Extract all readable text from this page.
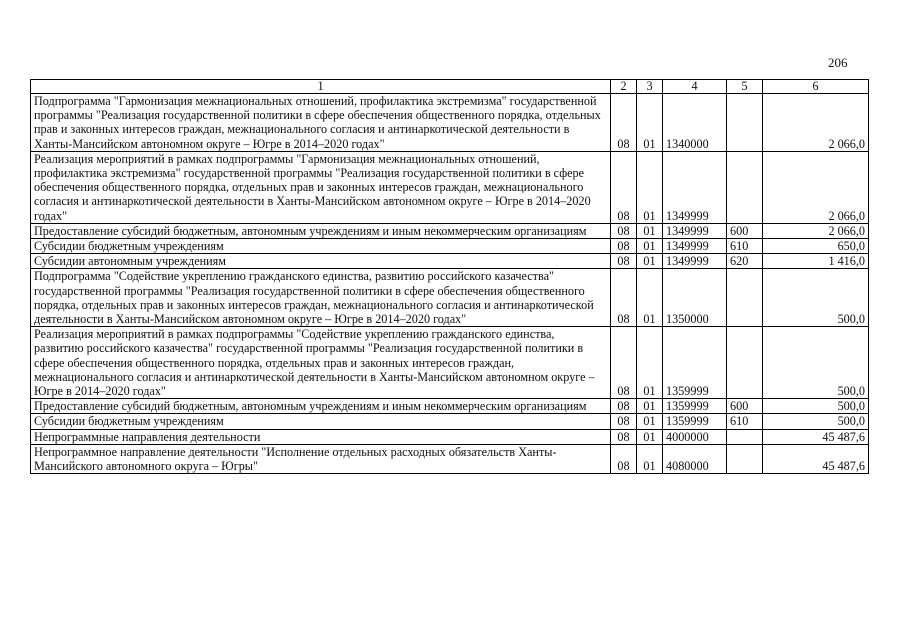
206
1	2	3	4	5	6
Подпрограмма "Гармонизация межнациональных отношений, профилактика экстремизма" государственной программы "Реализация государственной политики в сфере обеспечения общественного порядка, отдельных прав и законных интересов граждан, межнационального согласия и антинаркотической деятельности в Ханты-Мансийском автономном округе – Югре в 2014–2020 годах"	08	01	1340000		2 066,0
Реализация мероприятий в рамках подпрограммы "Гармонизация межнациональных отношений, профилактика экстремизма" государственной программы "Реализация государственной политики в сфере обеспечения общественного порядка, отдельных прав и законных интересов граждан, межнационального согласия и антинаркотической деятельности в Ханты-Мансийском автономном округе – Югре в 2014–2020 годах"	08	01	1349999		2 066,0
Предоставление субсидий бюджетным, автономным учреждениям и иным некоммерческим организациям	08	01	1349999	600	2 066,0
Субсидии бюджетным учреждениям	08	01	1349999	610	650,0
Субсидии автономным учреждениям	08	01	1349999	620	1 416,0
Подпрограмма "Содействие укреплению гражданского единства, развитию российского казачества" государственной программы "Реализация государственной политики в сфере обеспечения общественного порядка, отдельных прав и законных интересов граждан, межнационального согласия и антинаркотической деятельности в Ханты-Мансийском автономном округе – Югре в 2014–2020 годах"	08	01	1350000		500,0
Реализация мероприятий в рамках подпрограммы "Содействие укреплению гражданского единства, развитию российского казачества" государственной программы "Реализация государственной политики в сфере обеспечения общественного порядка, отдельных прав и законных интересов граждан, межнационального согласия и антинаркотической деятельности в Ханты-Мансийском автономном округе – Югре в 2014–2020 годах"	08	01	1359999		500,0
Предоставление субсидий бюджетным, автономным учреждениям и иным некоммерческим организациям	08	01	1359999	600	500,0
Субсидии бюджетным учреждениям	08	01	1359999	610	500,0
Непрограммные направления деятельности	08	01	4000000		45 487,6
Непрограммное направление деятельности "Исполнение отдельных расходных обязательств Ханты-Мансийского автономного округа – Югры"	08	01	4080000		45 487,6
